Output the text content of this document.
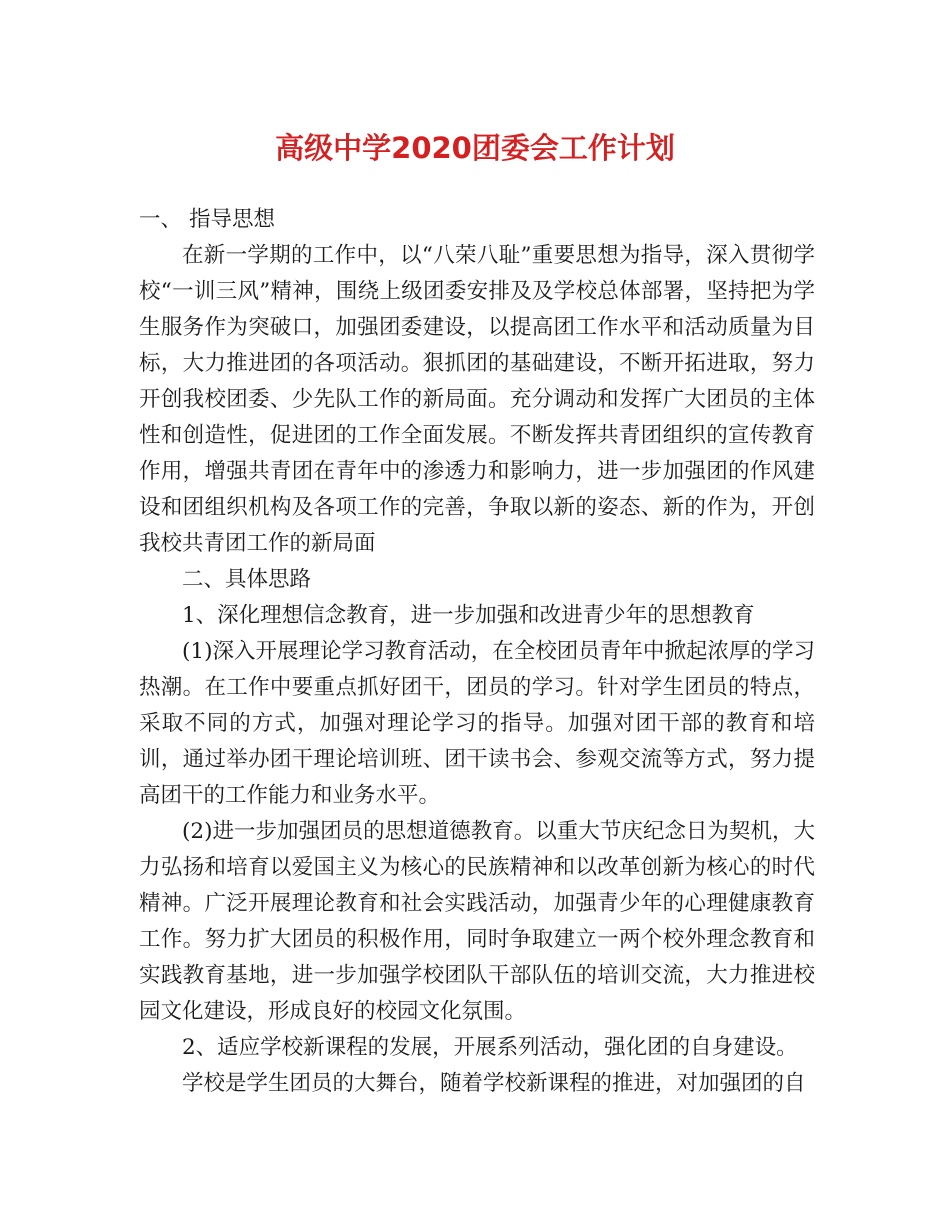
高级中学2020团委会工作计划

一、 指导思想

在新一学期的工作中，以“八荣八耻”重要思想为指导，深入贯彻学校“一训三风”精神，围绕上级团委安排及及学校总体部署，坚持把为学生服务作为突破口，加强团委建设，以提高团工作水平和活动质量为目标，大力推进团的各项活动。狠抓团的基础建设，不断开拓进取，努力开创我校团委、少先队工作的新局面。充分调动和发挥广大团员的主体性和创造性，促进团的工作全面发展。不断发挥共青团组织的宣传教育作用，增强共青团在青年中的渗透力和影响力，进一步加强团的作风建设和团组织机构及各项工作的完善，争取以新的姿态、新的作为，开创我校共青团工作的新局面

二、具体思路

1、深化理想信念教育，进一步加强和改进青少年的思想教育

(1)深入开展理论学习教育活动，在全校团员青年中掀起浓厚的学习热潮。在工作中要重点抓好团干，团员的学习。针对学生团员的特点，采取不同的方式，加强对理论学习的指导。加强对团干部的教育和培训，通过举办团干理论培训班、团干读书会、参观交流等方式，努力提高团干的工作能力和业务水平。

(2)进一步加强团员的思想道德教育。以重大节庆纪念日为契机，大力弘扬和培育以爱国主义为核心的民族精神和以改革创新为核心的时代精神。广泛开展理论教育和社会实践活动，加强青少年的心理健康教育工作。努力扩大团员的积极作用，同时争取建立一两个校外理念教育和实践教育基地，进一步加强学校团队干部队伍的培训交流，大力推进校园文化建设，形成良好的校园文化氛围。

2、适应学校新课程的发展，开展系列活动，强化团的自身建设。

学校是学生团员的大舞台，随着学校新课程的推进，对加强团的自
